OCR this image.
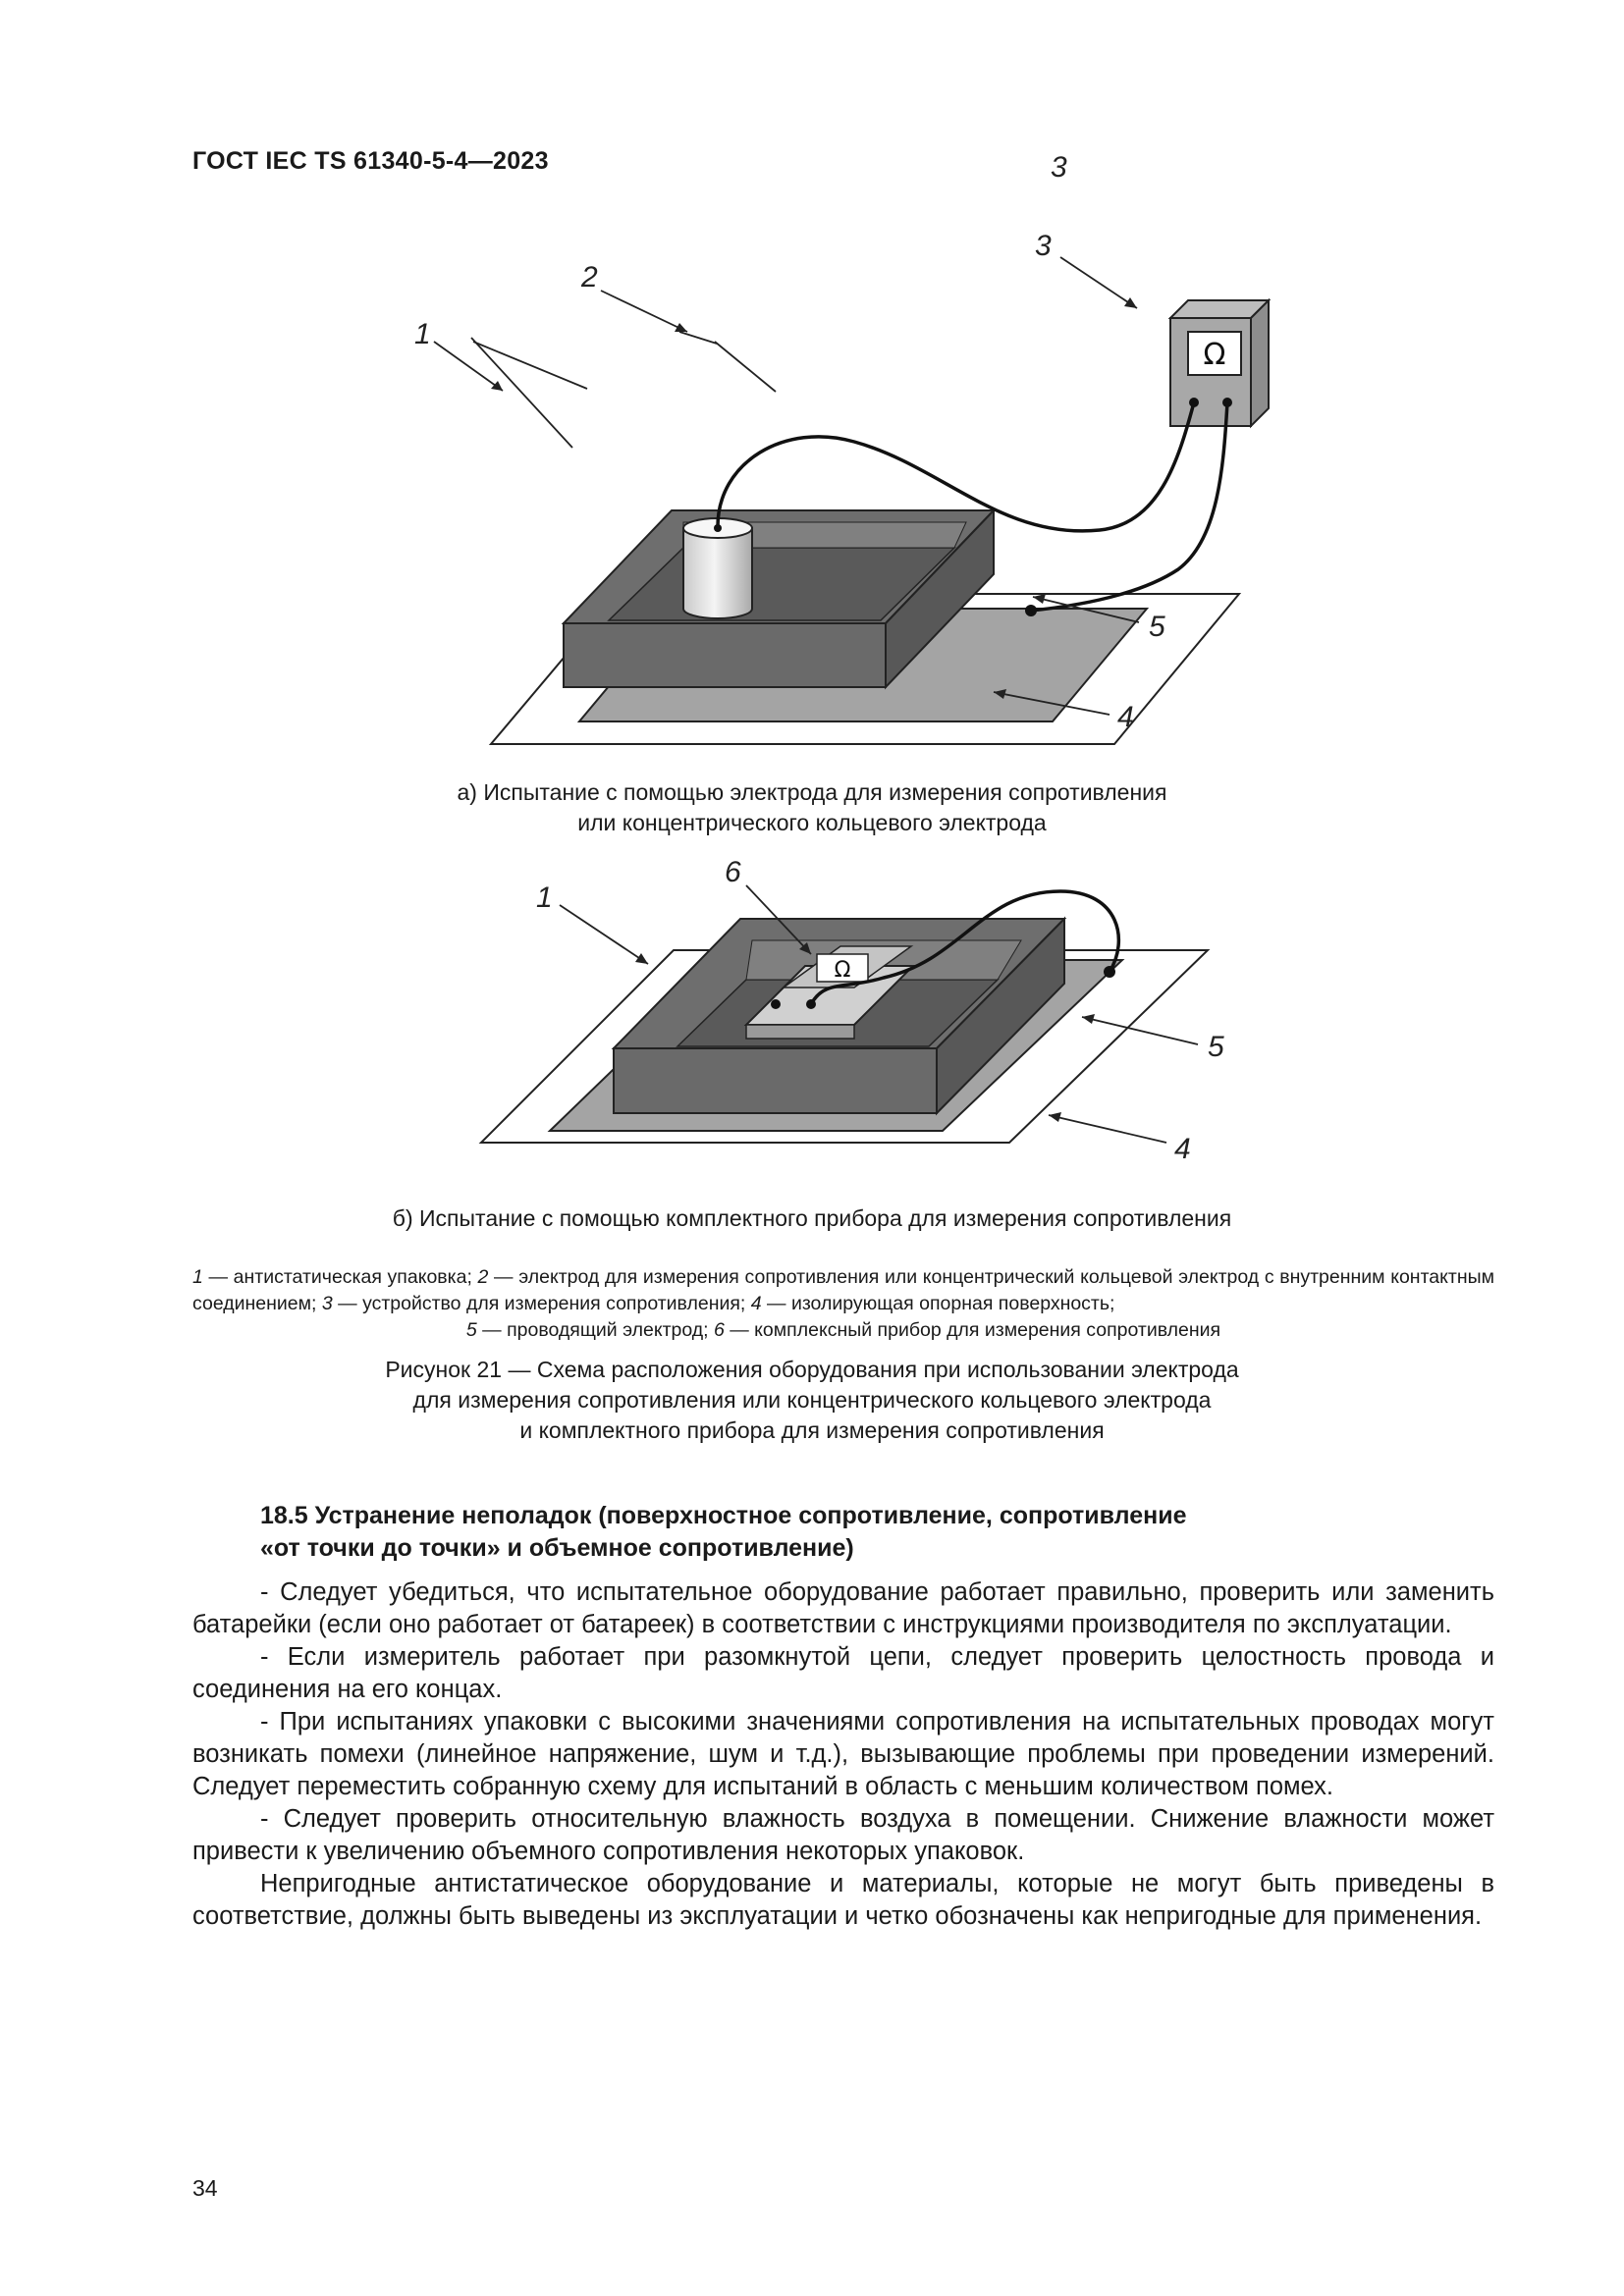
ГОСТ IEC TS 61340-5-4—2023
Ω
1
2
3
5
4
3
а) Испытание с помощью электрода для измерения сопротивления
или концентрического кольцевого электрода
Ω
1
6
5
4
б) Испытание с помощью комплектного прибора для измерения сопротивления
1 — антистатическая упаковка; 2 — электрод для измерения сопротивления или концентрический кольцевой электрод с внутренним контактным соединением; 3 — устройство для измерения сопротивления; 4 — изолирующая опорная поверхность;
5 — проводящий электрод; 6 — комплексный прибор для измерения сопротивления
Рисунок 21 — Схема расположения оборудования при использовании электрода
для измерения сопротивления или концентрического кольцевого электрода
и комплектного прибора для измерения сопротивления
18.5 Устранение неполадок (поверхностное сопротивление, сопротивление
«от точки до точки» и объемное сопротивление)

- Следует убедиться, что испытательное оборудование работает правильно, проверить или заменить батарейки (если оно работает от батареек) в соответствии с инструкциями производителя по эксплуатации.

- Если измеритель работает при разомкнутой цепи, следует проверить целостность провода и соединения на его концах.

- При испытаниях упаковки с высокими значениями сопротивления на испытательных проводах могут возникать помехи (линейное напряжение, шум и т.д.), вызывающие проблемы при проведении измерений. Следует переместить собранную схему для испытаний в область с меньшим количеством помех.

- Следует проверить относительную влажность воздуха в помещении. Снижение влажности может привести к увеличению объемного сопротивления некоторых упаковок.

Непригодные антистатическое оборудование и материалы, которые не могут быть приведены в соответствие, должны быть выведены из эксплуатации и четко обозначены как непригодные для применения.

34
